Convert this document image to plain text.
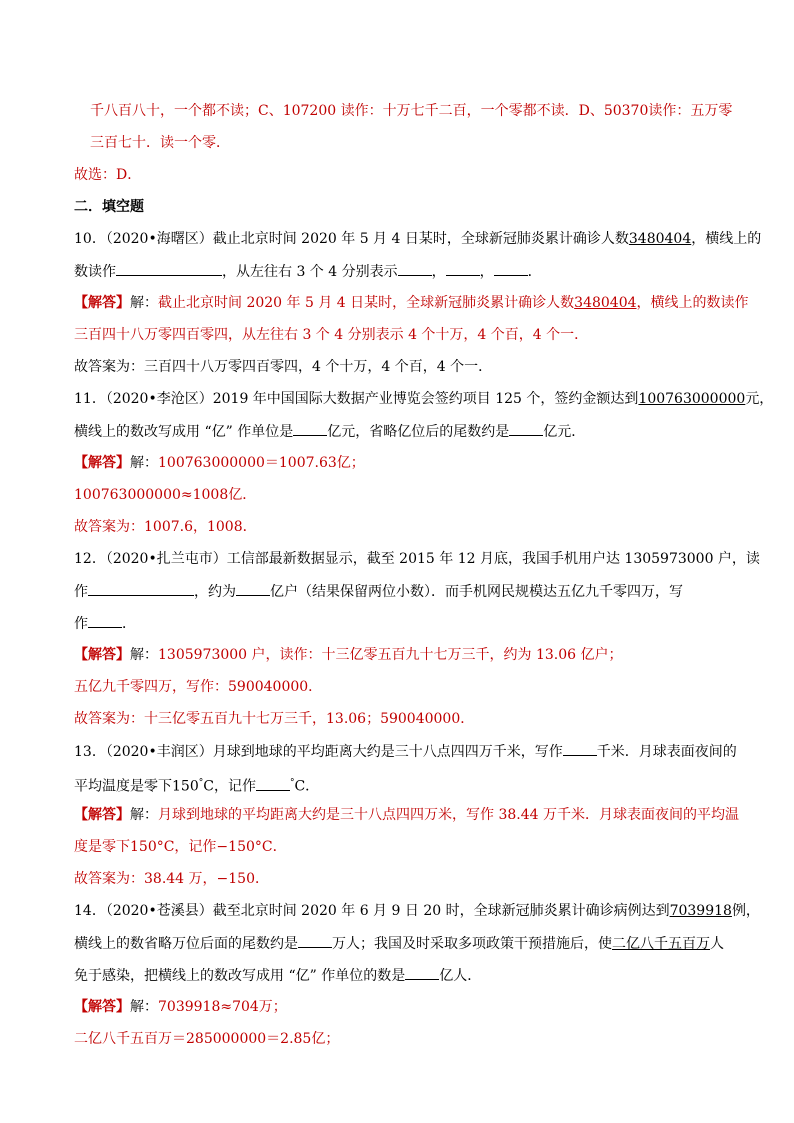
千八百八十，一个都不读；C、107200 读作：十万七千二百，一个零都不读．D、50370读作：五万零
三百七十．读一个零．
故选：D．
二．填空题
10．（2020•海曙区）截止北京时间 2020 年 5 月 4 日某时，全球新冠肺炎累计确诊人数3480404，横线上的
数读作	，从左往右 3 个 4 分别表示 ， ， ．
【解答】解：截止北京时间 2020 年 5 月 4 日某时，全球新冠肺炎累计确诊人数3480404，横线上的数读作
三百四十八万零四百零四，从左往右 3 个 4 分别表示 4 个十万，4 个百，4 个一．
故答案为：三百四十八万零四百零四，4 个十万，4 个百，4 个一．
11．（2020•李沧区）2019 年中国国际大数据产业博览会签约项目 125 个，签约金额达到100763000000元，
横线上的数改写成用 “亿” 作单位是 亿元，省略亿位后的尾数约是 亿元．
【解答】解：100763000000＝1007.63亿；
100763000000≈1008亿．
故答案为：1007.6，1008．
12．（2020•扎兰屯市）工信部最新数据显示，截至 2015 年 12 月底，我国手机用户达 1305973000 户，读
作	，约为 亿户（结果保留两位小数）．而手机网民规模达五亿九千零四万，写
作 ．
【解答】解：1305973000 户，读作：十三亿零五百九十七万三千，约为 13.06 亿户；
五亿九千零四万，写作：590040000．
故答案为：十三亿零五百九十七万三千，13.06；590040000．
13．（2020•丰润区）月球到地球的平均距离大约是三十八点四四万千米，写作 千米．月球表面夜间的
平均温度是零下150°C，记作	°C．
【解答】解：月球到地球的平均距离大约是三十八点四四万米，写作 38.44 万千米．月球表面夜间的平均温
度是零下150°C，记作−150°C．
故答案为：38.44 万，−150．
14．（2020•苍溪县）截至北京时间 2020 年 6 月 9 日 20 时，全球新冠肺炎累计确诊病例达到7039918例，
横线上的数省略万位后面的尾数约是 万人；我国及时采取多项政策干预措施后，使二亿八千五百万人
免于感染，把横线上的数改写成用 “亿” 作单位的数是 亿人．
【解答】解：7039918≈704万；
二亿八千五百万＝285000000＝2.85亿；
